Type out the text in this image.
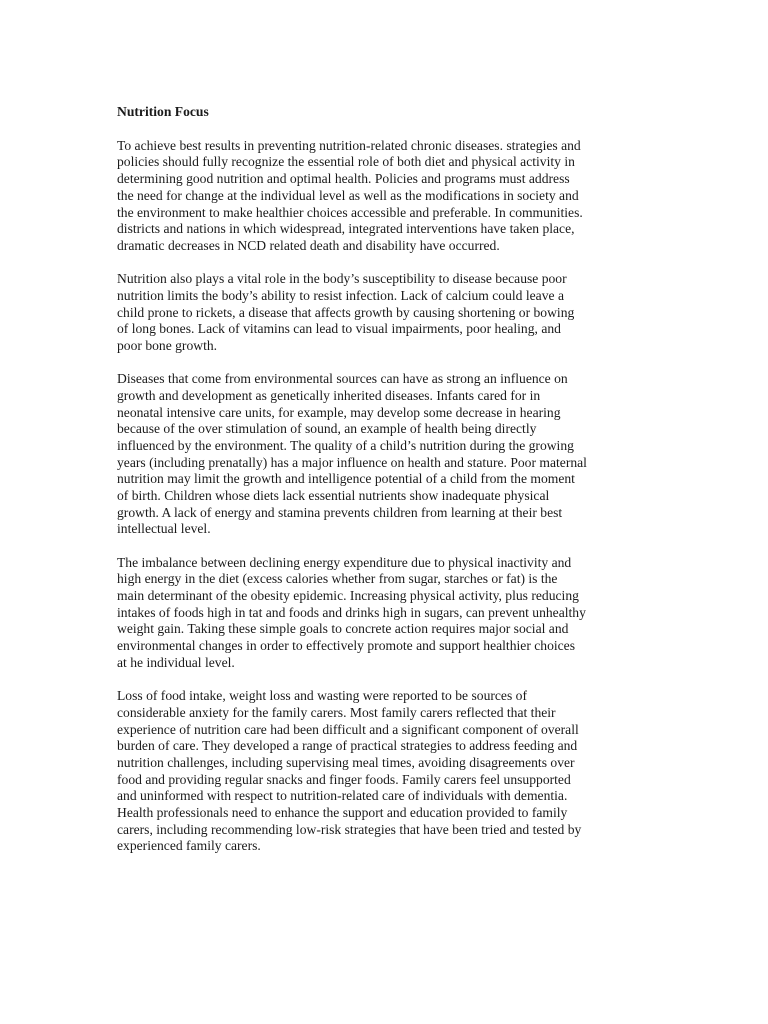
Nutrition Focus
To achieve best results in preventing nutrition-related chronic diseases. strategies and
policies should fully recognize the essential role of both diet and physical activity in
determining good nutrition and optimal health. Policies and programs must address
the need for change at the individual level as well as the modifications in society and
the environment to make healthier choices accessible and preferable. In communities.
districts and nations in which widespread, integrated interventions have taken place,
dramatic decreases in NCD related death and disability have occurred.
Nutrition also plays a vital role in the body’s susceptibility to disease because poor
nutrition limits the body’s ability to resist infection. Lack of calcium could leave a
child prone to rickets, a disease that affects growth by causing shortening or bowing
of long bones. Lack of vitamins can lead to visual impairments, poor healing, and
poor bone growth.
Diseases that come from environmental sources can have as strong an influence on
growth and development as genetically inherited diseases. Infants cared for in
neonatal intensive care units, for example, may develop some decrease in hearing
because of the over stimulation of sound, an example of health being directly
influenced by the environment. The quality of a child’s nutrition during the growing
years (including prenatally) has a major influence on health and stature. Poor maternal
nutrition may limit the growth and intelligence potential of a child from the moment
of birth. Children whose diets lack essential nutrients show inadequate physical
growth. A lack of energy and stamina prevents children from learning at their best
intellectual level.
The imbalance between declining energy expenditure due to physical inactivity and
high energy in the diet (excess calories whether from sugar, starches or fat) is the
main determinant of the obesity epidemic. Increasing physical activity, plus reducing
intakes of foods high in tat and foods and drinks high in sugars, can prevent unhealthy
weight gain. Taking these simple goals to concrete action requires major social and
environmental changes in order to effectively promote and support healthier choices
at he individual level.
Loss of food intake, weight loss and wasting were reported to be sources of
considerable anxiety for the family carers. Most family carers reflected that their
experience of nutrition care had been difficult and a significant component of overall
burden of care. They developed a range of practical strategies to address feeding and
nutrition challenges, including supervising meal times, avoiding disagreements over
food and providing regular snacks and finger foods. Family carers feel unsupported
and uninformed with respect to nutrition-related care of individuals with dementia.
Health professionals need to enhance the support and education provided to family
carers, including recommending low-risk strategies that have been tried and tested by
experienced family carers.
